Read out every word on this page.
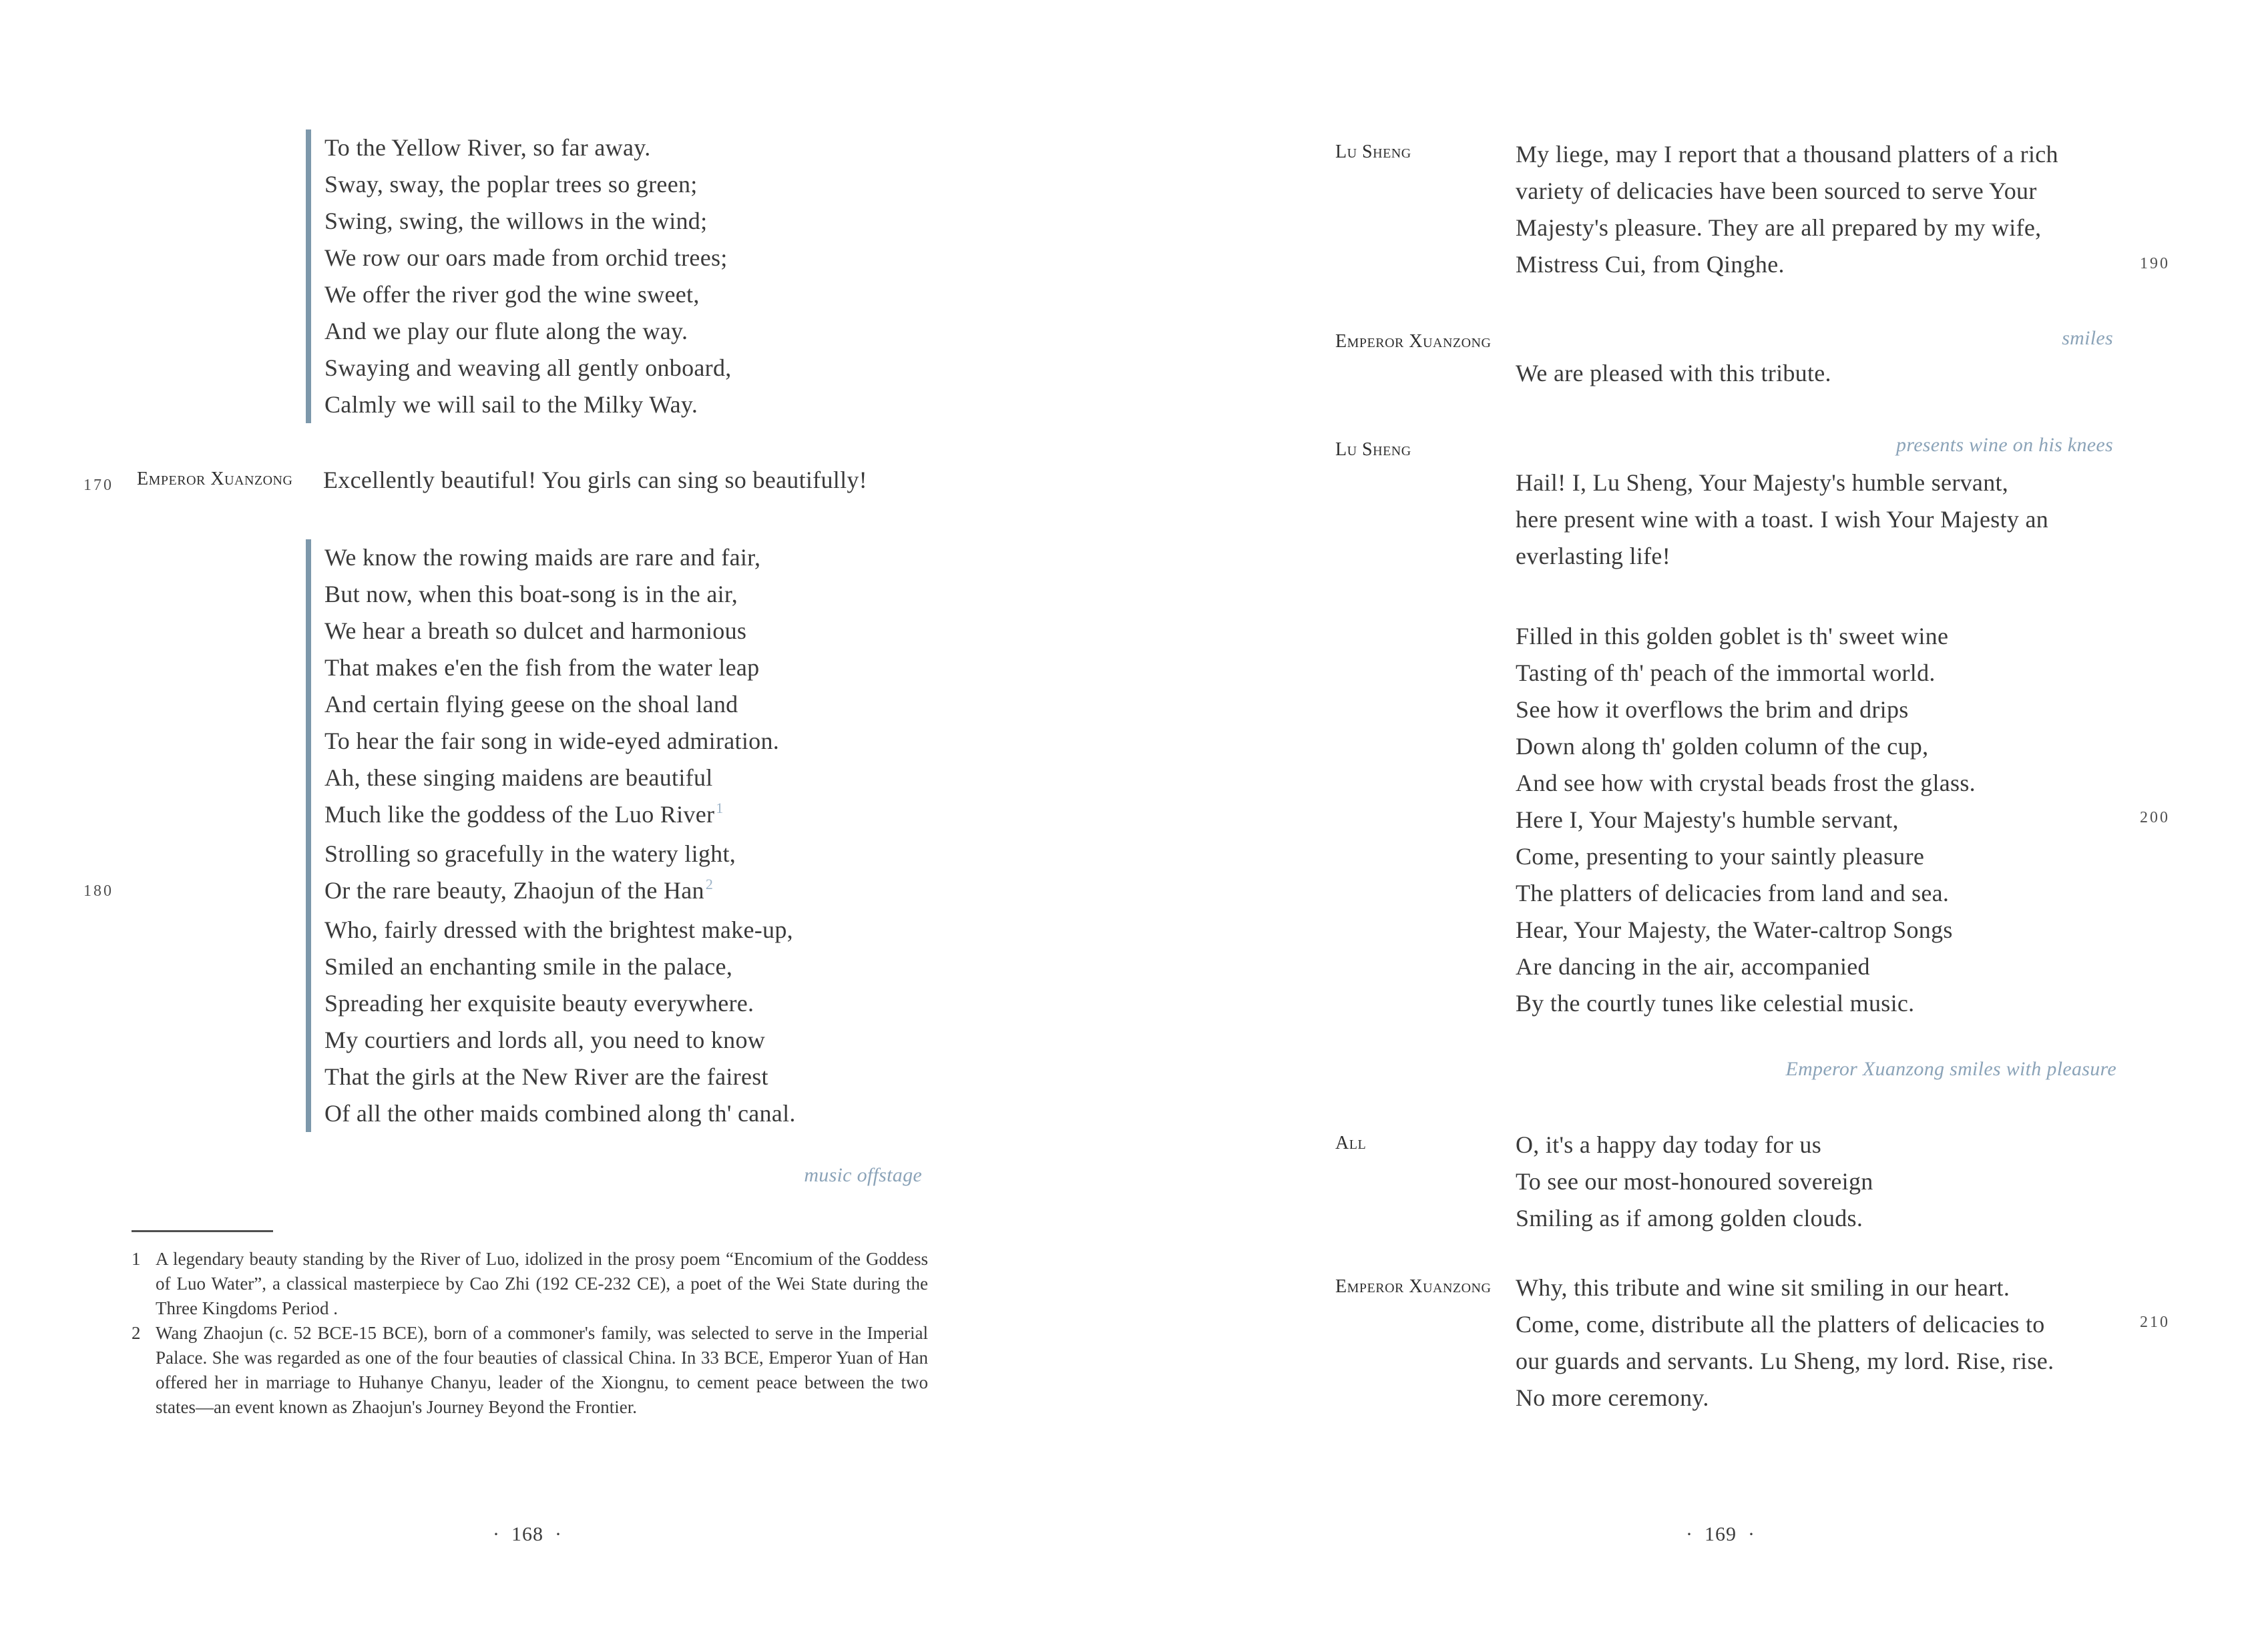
To the Yellow River, so far away.
Sway, sway, the poplar trees so green;
Swing, swing, the willows in the wind;
We row our oars made from orchid trees;
We offer the river god the wine sweet,
And we play our flute along the way.
Swaying and weaving all gently onboard,
Calmly we will sail to the Milky Way.
170 Emperor Xuanzong Excellently beautiful! You girls can sing so beautifully!
We know the rowing maids are rare and fair,
But now, when this boat-song is in the air,
We hear a breath so dulcet and harmonious
That makes e'en the fish from the water leap
And certain flying geese on the shoal land
To hear the fair song in wide-eyed admiration.
Ah, these singing maidens are beautiful
Much like the goddess of the Luo River$^1$
Strolling so gracefully in the watery light,
Or the rare beauty, Zhaojun of the Han$^2$
Who, fairly dressed with the brightest make-up,
Smiled an enchanting smile in the palace,
Spreading her exquisite beauty everywhere.
My courtiers and lords all, you need to know
That the girls at the New River are the fairest
Of all the other maids combined along th' canal.
180
music offstage
1 A legendary beauty standing by the River of Luo, idolized in the prosy poem “Encomium of the Goddess of Luo Water”, a classical masterpiece by Cao Zhi (192 CE-232 CE), a poet of the Wei State during the Three Kingdoms Period .
2 Wang Zhaojun (c. 52 BCE-15 BCE), born of a commoner's family, was selected to serve in the Imperial Palace. She was regarded as one of the four beauties of classical China. In 33 BCE, Emperor Yuan of Han offered her in marriage to Huhanye Chanyu, leader of the Xiongnu, to cement peace between the two states—an event known as Zhaojun's Journey Beyond the Frontier.
·  168  ·
Lu Sheng	My liege, may I report that a thousand platters of a rich
variety of delicacies have been sourced to serve Your
Majesty's pleasure. They are all prepared by my wife,
Mistress Cui, from Qinghe.	190
Emperor Xuanzong	smiles
We are pleased with this tribute.
Lu Sheng	presents wine on his knees
Hail! I, Lu Sheng, Your Majesty's humble servant,
here present wine with a toast. I wish Your Majesty an
everlasting life!
Filled in this golden goblet is th' sweet wine
Tasting of th' peach of the immortal world.
See how it overflows the brim and drips
Down along th' golden column of the cup,
And see how with crystal beads frost the glass.
Here I, Your Majesty's humble servant,
Come, presenting to your saintly pleasure
The platters of delicacies from land and sea.
Hear, Your Majesty, the Water-caltrop Songs
Are dancing in the air, accompanied
By the courtly tunes like celestial music.
200
Emperor Xuanzong smiles with pleasure
All	O, it's a happy day today for us
To see our most-honoured sovereign
Smiling as if among golden clouds.
Emperor Xuanzong Why, this tribute and wine sit smiling in our heart.
Come, come, distribute all the platters of delicacies to
our guards and servants. Lu Sheng, my lord. Rise, rise.
No more ceremony.
210
·  169  ·
